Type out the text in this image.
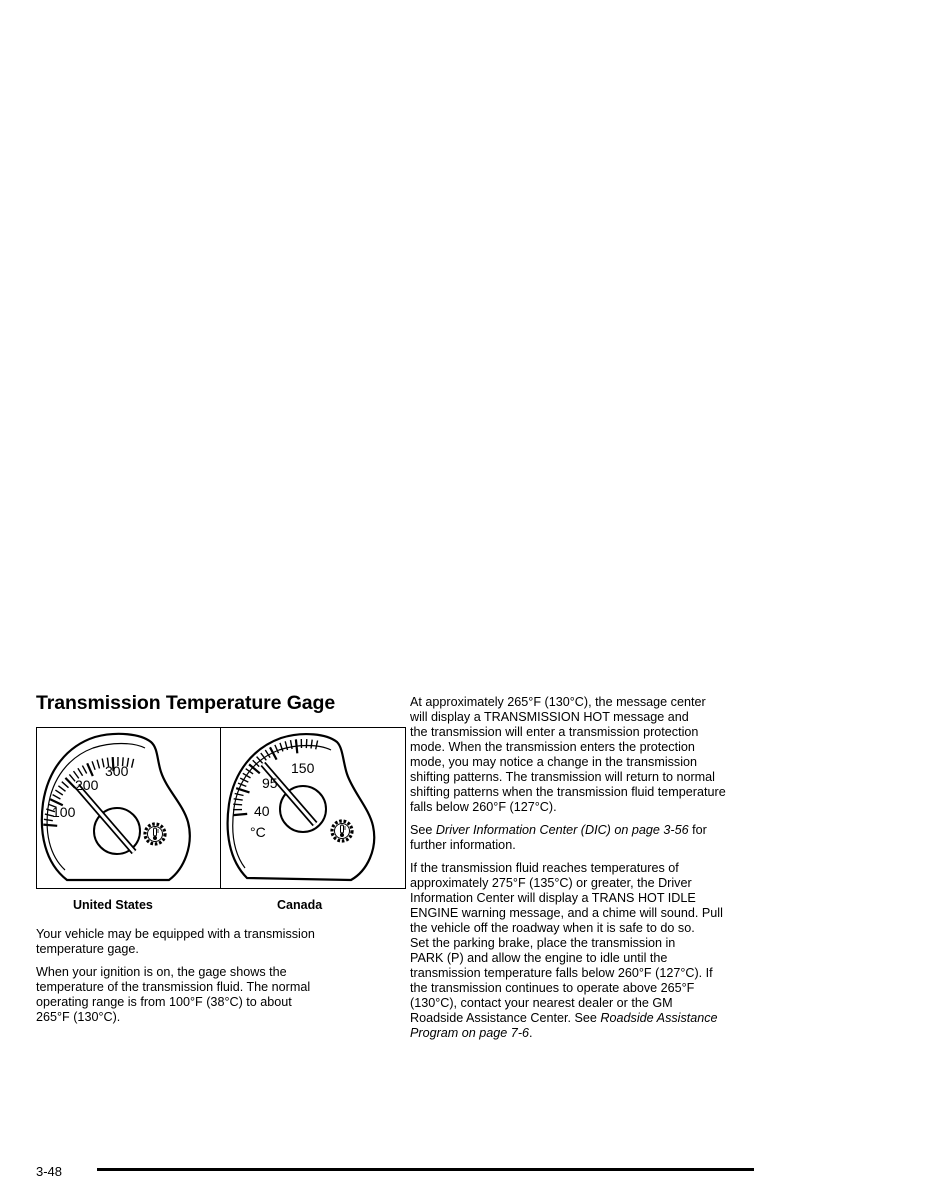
Transmission Temperature Gage
300
200
100
150
95
40
°C
United States	Canada

Your vehicle may be equipped with a transmission
temperature gage.

When your ignition is on, the gage shows the
temperature of the transmission fluid. The normal
operating range is from 100°F (38°C) to about
265°F (130°C).

At approximately 265°F (130°C), the message center
will display a TRANSMISSION HOT message and
the transmission will enter a transmission protection
mode. When the transmission enters the protection
mode, you may notice a change in the transmission
shifting patterns. The transmission will return to normal
shifting patterns when the transmission fluid temperature
falls below 260°F (127°C).

See Driver Information Center (DIC) on page 3-56 for
further information.

If the transmission fluid reaches temperatures of
approximately 275°F (135°C) or greater, the Driver
Information Center will display a TRANS HOT IDLE
ENGINE warning message, and a chime will sound. Pull
the vehicle off the roadway when it is safe to do so.
Set the parking brake, place the transmission in
PARK (P) and allow the engine to idle until the
transmission temperature falls below 260°F (127°C). If
the transmission continues to operate above 265°F
(130°C), contact your nearest dealer or the GM
Roadside Assistance Center. See Roadside Assistance
Program on page 7-6.

3-48
